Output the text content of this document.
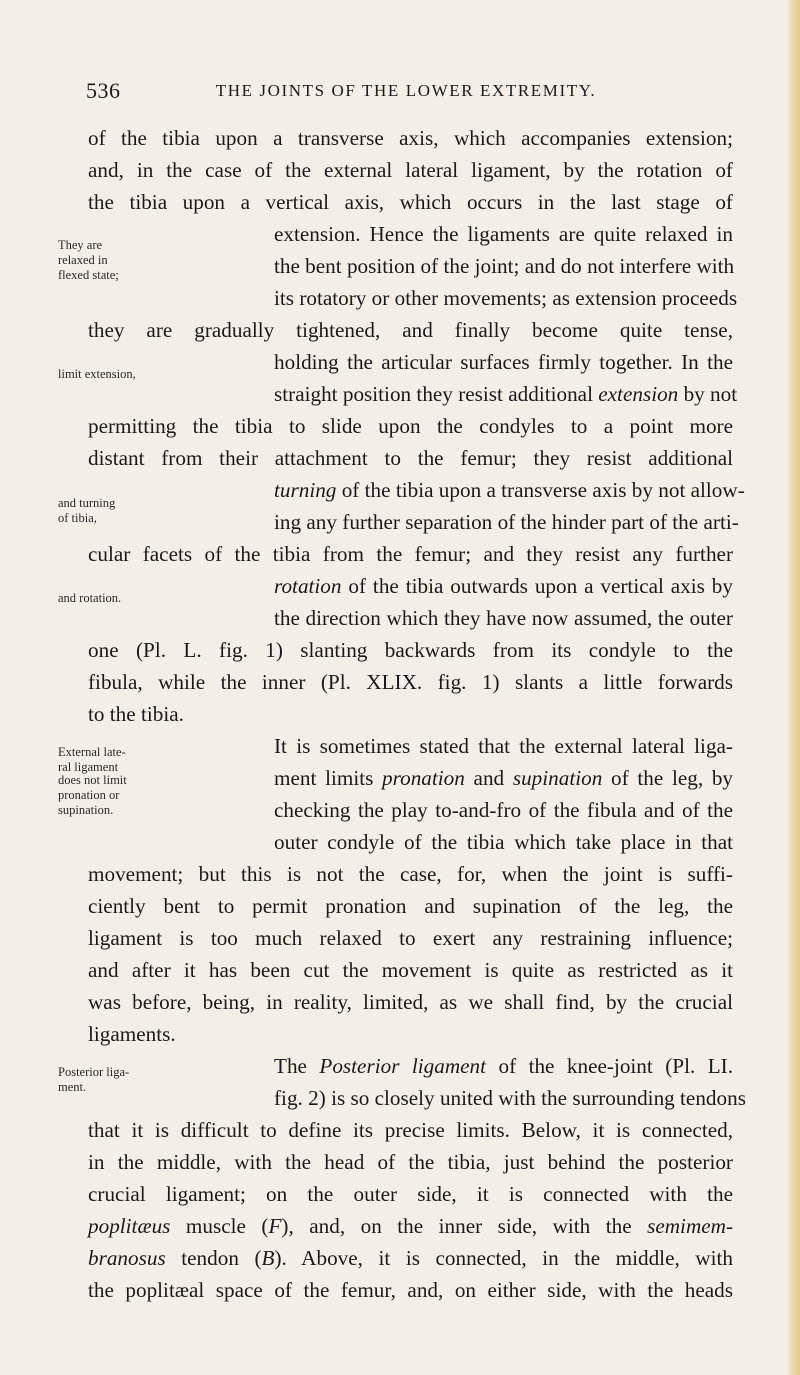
536	THE JOINTS OF THE LOWER EXTREMITY.
of the tibia upon a transverse axis, which accompanies extension;
and, in the case of the external lateral ligament, by the rotation of
the tibia upon a vertical axis, which occurs in the last stage of
extension. Hence the ligaments are quite relaxed in
the bent position of the joint; and do not interfere with
its rotatory or other movements; as extension proceeds
they are gradually tightened, and finally become quite tense,
holding the articular surfaces firmly together. In the
straight position they resist additional extension by not
permitting the tibia to slide upon the condyles to a point more
distant from their attachment to the femur; they resist additional
turning of the tibia upon a transverse axis by not allow-
ing any further separation of the hinder part of the arti-
cular facets of the tibia from the femur; and they resist any further
rotation of the tibia outwards upon a vertical axis by
the direction which they have now assumed, the outer
one (Pl. L. fig. 1) slanting backwards from its condyle to the
fibula, while the inner (Pl. XLIX. fig. 1) slants a little forwards
to the tibia.
It is sometimes stated that the external lateral liga-
ment limits pronation and supination of the leg, by
checking the play to-and-fro of the fibula and of the
outer condyle of the tibia which take place in that
movement; but this is not the case, for, when the joint is suffi-
ciently bent to permit pronation and supination of the leg, the
ligament is too much relaxed to exert any restraining influence;
and after it has been cut the movement is quite as restricted as it
was before, being, in reality, limited, as we shall find, by the crucial
ligaments.
The Posterior ligament of the knee-joint (Pl. LI.
fig. 2) is so closely united with the surrounding tendons
that it is difficult to define its precise limits. Below, it is connected,
in the middle, with the head of the tibia, just behind the posterior
crucial ligament; on the outer side, it is connected with the
poplitæus muscle (F), and, on the inner side, with the semimem-
branosus tendon (B). Above, it is connected, in the middle, with
the poplitæal space of the femur, and, on either side, with the heads
They are
relaxed in
flexed state;
limit extension,
and turning
of tibia,
and rotation.
External late-
ral ligament
does not limit
pronation or
supination.
Posterior liga-
ment.
